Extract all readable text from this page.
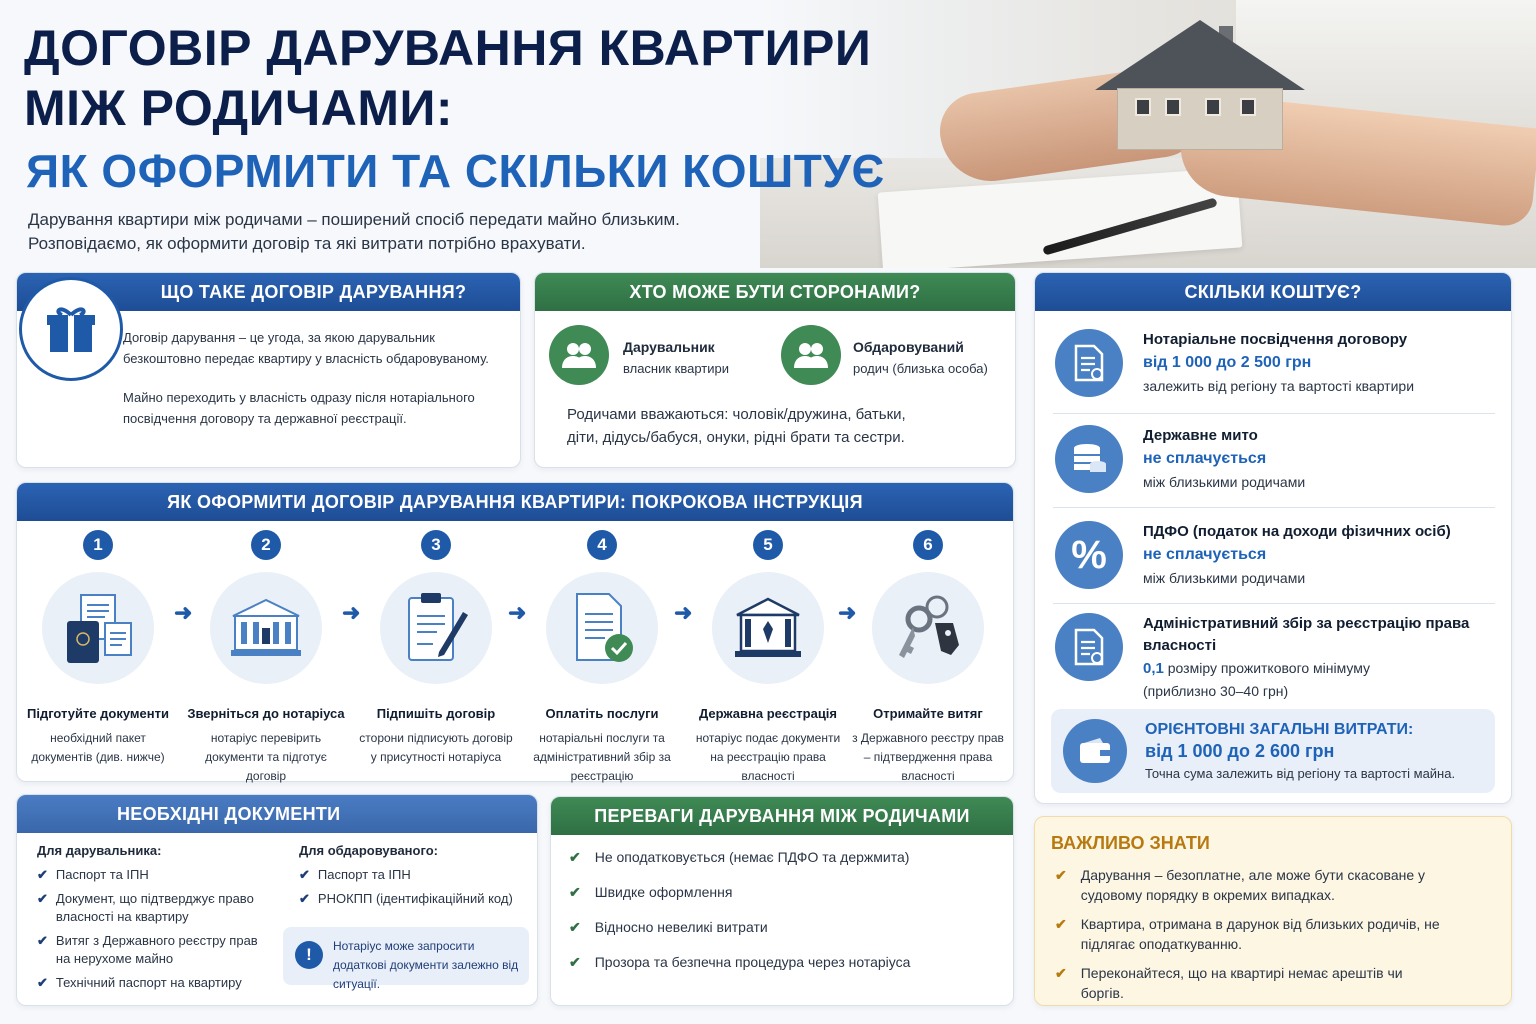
ДОГОВІР ДАРУВАННЯ КВАРТИРИ
МІЖ РОДИЧАМИ:
ЯК ОФОРМИТИ ТА СКІЛЬКИ КОШТУЄ
Дарування квартири між родичами – поширений спосіб передати майно близьким.
Розповідаємо, як оформити договір та які витрати потрібно врахувати.
ЩО ТАКЕ ДОГОВІР ДАРУВАННЯ?
Договір дарування – це угода, за якою дарувальник безкоштовно передає квартиру у власність обдаровуваному.
Майно переходить у власність одразу після нотаріального посвідчення договору та державної реєстрації.
ХТО МОЖЕ БУТИ СТОРОНАМИ?
Дарувальник
власник квартири
Обдаровуваний
родич (близька особа)
Родичами вважаються: чоловік/дружина, батьки, діти, дідусь/бабуся, онуки, рідні брати та сестри.
СКІЛЬКИ КОШТУЄ?
Нотаріальне посвідчення договору
від 1 000 до 2 500 грн
залежить від регіону та вартості квартири
Державне мито
не сплачується
між близькими родичами
%
ПДФО (податок на доходи фізичних осіб)
не сплачується
між близькими родичами
Адміністративний збір за реєстрацію права власності
0,1 розміру прожиткового мінімуму
(приблизно 30–40 грн)
ОРІЄНТОВНІ ЗАГАЛЬНІ ВИТРАТИ:
від 1 000 до 2 600 грн
Точна сума залежить від регіону та вартості майна.
ЯК ОФОРМИТИ ДОГОВІР ДАРУВАННЯ КВАРТИРИ: ПОКРОКОВА ІНСТРУКЦІЯ
1
Підготуйте документи
необхідний пакет документів (див. нижче)
➜
2
Зверніться до нотаріуса
нотаріус перевірить документи та підготує договір
➜
3
Підпишіть договір
сторони підписують договір у присутності нотаріуса
➜
4
Оплатіть послуги
нотаріальні послуги та адміністративний збір за реєстрацію
➜
5
Державна реєстрація
нотаріус подає документи на реєстрацію права власності
➜
6
Отримайте витяг
з Державного реєстру прав – підтвердження права власності
НЕОБХІДНІ ДОКУМЕНТИ
Для дарувальника:
✔ Паспорт та ІПН
✔ Документ, що підтверджує право власності на квартиру
✔ Витяг з Державного реєстру прав на нерухоме майно
✔ Технічний паспорт на квартиру
Для обдаровуваного:
✔ Паспорт та ІПН
✔ РНОКПП (ідентифікаційний код)
!	Нотаріус може запросити додаткові документи залежно від ситуації.
ПЕРЕВАГИ ДАРУВАННЯ МІЖ РОДИЧАМИ
✔ Не оподатковується (немає ПДФО та держмита)
✔ Швидке оформлення
✔ Відносно невеликі витрати
✔ Прозора та безпечна процедура через нотаріуса
ВАЖЛИВО ЗНАТИ
✔ Дарування – безоплатне, але може бути скасоване у судовому порядку в окремих випадках.
✔ Квартира, отримана в дарунок від близьких родичів, не підлягає оподаткуванню.
✔ Переконайтеся, що на квартирі немає арештів чи боргів.
